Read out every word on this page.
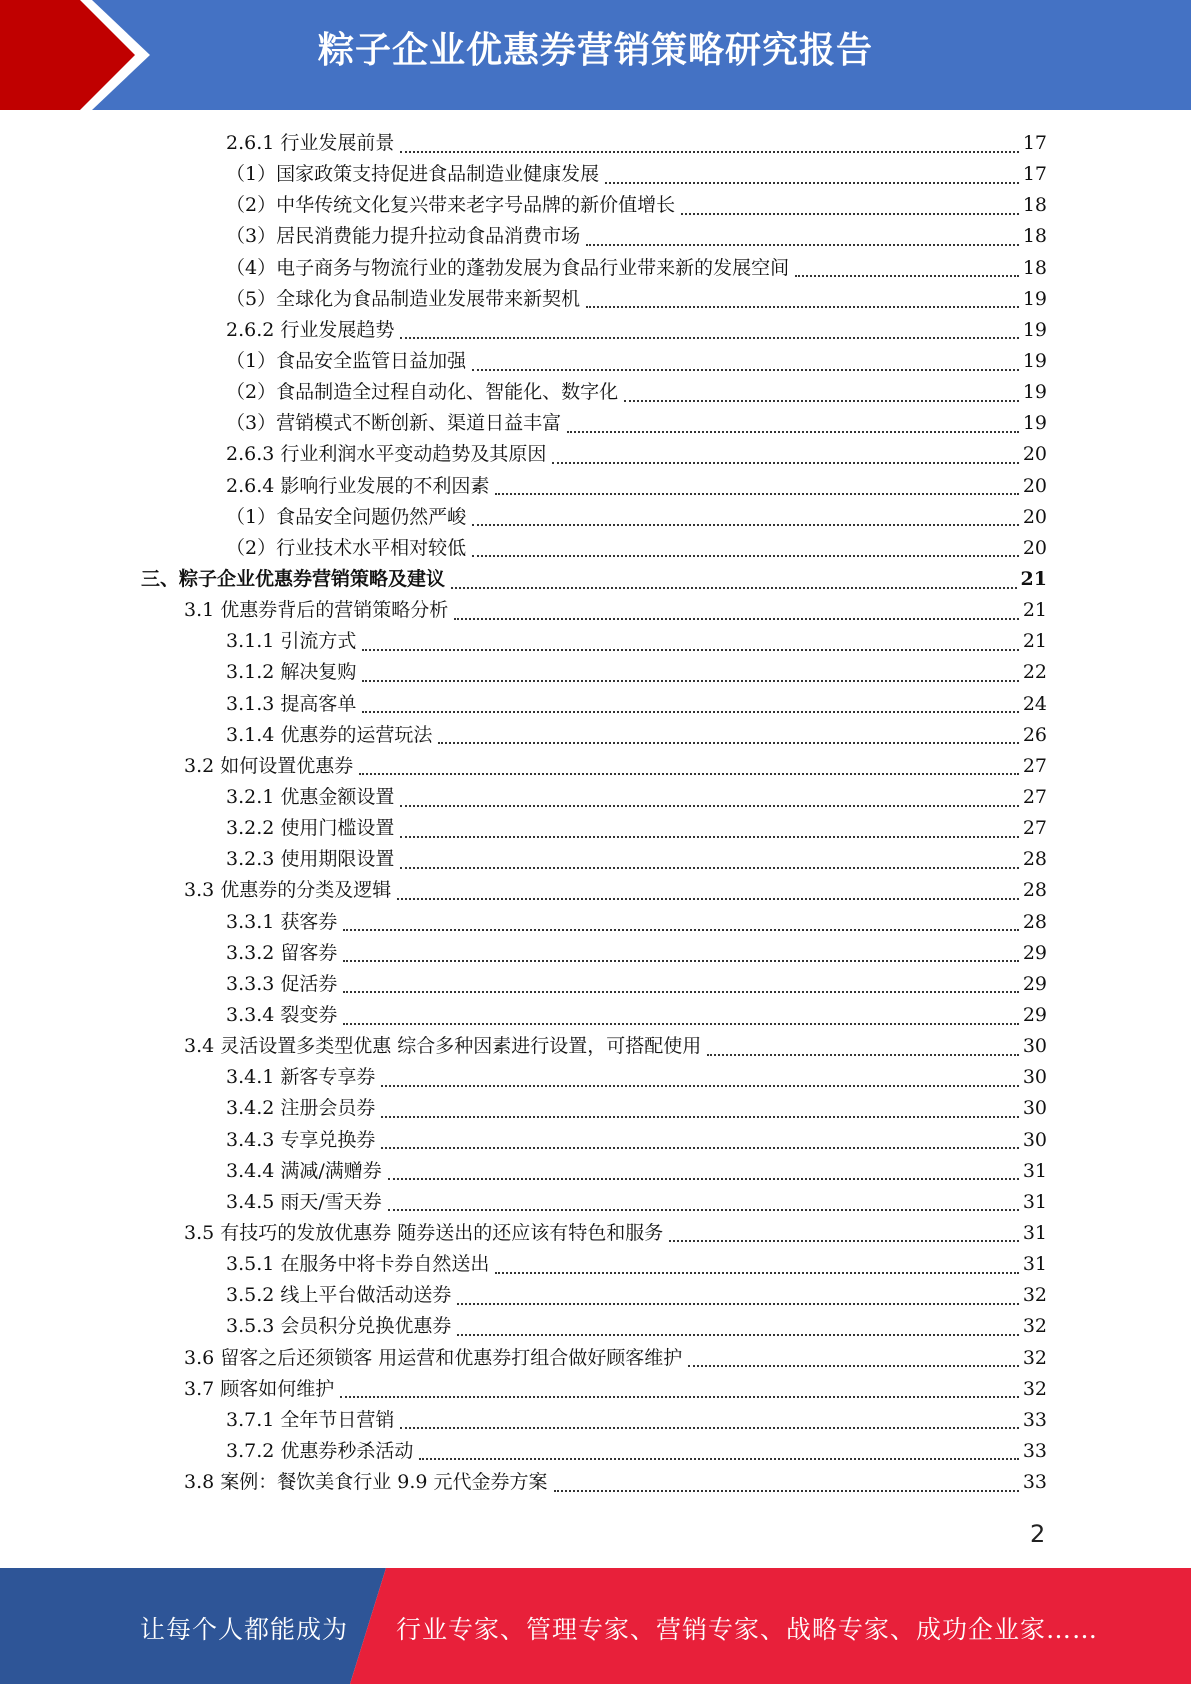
粽子企业优惠券营销策略研究报告
2.6.1 行业发展前景	17
（1）国家政策支持促进食品制造业健康发展	17
（2）中华传统文化复兴带来老字号品牌的新价值增长	18
（3）居民消费能力提升拉动食品消费市场	18
（4）电子商务与物流行业的蓬勃发展为食品行业带来新的发展空间	18
（5）全球化为食品制造业发展带来新契机	19
2.6.2 行业发展趋势	19
（1）食品安全监管日益加强	19
（2）食品制造全过程自动化、智能化、数字化	19
（3）营销模式不断创新、渠道日益丰富	19
2.6.3 行业利润水平变动趋势及其原因	20
2.6.4 影响行业发展的不利因素	20
（1）食品安全问题仍然严峻	20
（2）行业技术水平相对较低	20
三、粽子企业优惠券营销策略及建议	21
3.1 优惠券背后的营销策略分析	21
3.1.1 引流方式	21
3.1.2 解决复购	22
3.1.3 提高客单	24
3.1.4 优惠券的运营玩法	26
3.2 如何设置优惠券	27
3.2.1 优惠金额设置	27
3.2.2 使用门槛设置	27
3.2.3 使用期限设置	28
3.3 优惠券的分类及逻辑	28
3.3.1 获客券	28
3.3.2 留客券	29
3.3.3 促活券	29
3.3.4 裂变券	29
3.4 灵活设置多类型优惠 综合多种因素进行设置，可搭配使用	30
3.4.1 新客专享券	30
3.4.2 注册会员券	30
3.4.3 专享兑换券	30
3.4.4 满减/满赠券	31
3.4.5 雨天/雪天券	31
3.5 有技巧的发放优惠券 随券送出的还应该有特色和服务	31
3.5.1 在服务中将卡券自然送出	31
3.5.2 线上平台做活动送券	32
3.5.3 会员积分兑换优惠券	32
3.6 留客之后还须锁客 用运营和优惠券打组合做好顾客维护	32
3.7 顾客如何维护	32
3.7.1 全年节日营销	33
3.7.2 优惠券秒杀活动	33
3.8 案例：餐饮美食行业 9.9 元代金券方案	33
2
让每个人都能成为 行业专家、管理专家、营销专家、战略专家、成功企业家……
